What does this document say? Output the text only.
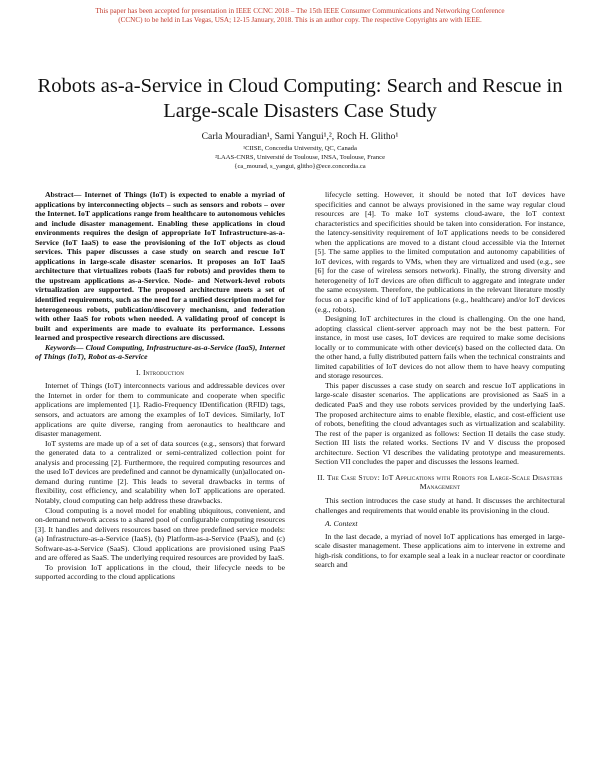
This paper has been accepted for presentation in IEEE CCNC 2018 – The 15th IEEE Consumer Communications and Networking Conference
(CCNC) to be held in Las Vegas, USA; 12-15 January, 2018. This is an author copy. The respective Copyrights are with IEEE.
Robots as-a-Service in Cloud Computing: Search and Rescue in Large-scale Disasters Case Study
Carla Mouradian¹, Sami Yangui¹,², Roch H. Glitho¹
¹CIISE, Concordia University, QC, Canada
²LAAS-CNRS, Université de Toulouse, INSA, Toulouse, France
{ca_mourad, s_yangui, glitho}@ece.concordia.ca

Abstract— Internet of Things (IoT) is expected to enable a myriad of applications by interconnecting objects – such as sensors and robots – over the Internet. IoT applications range from healthcare to autonomous vehicles and include disaster management. Enabling these applications in cloud environments requires the design of appropriate IoT Infrastructure-as-a-Service (IoT IaaS) to ease the provisioning of the IoT objects as cloud services. This paper discusses a case study on search and rescue IoT applications in large-scale disaster scenarios. It proposes an IoT IaaS architecture that virtualizes robots (IaaS for robots) and provides them to the upstream applications as-a-Service. Node- and Network-level robots virtualization are supported. The proposed architecture meets a set of identified requirements, such as the need for a unified description model for heterogeneous robots, publication/discovery mechanism, and federation with other IaaS for robots when needed. A validating proof of concept is built and experiments are made to evaluate its performance. Lessons learned and prospective research directions are discussed.

Keywords— Cloud Computing, Infrastructure-as-a-Service (IaaS), Internet of Things (IoT), Robot as-a-Service

I. Introduction

Internet of Things (IoT) interconnects various and addressable devices over the Internet in order for them to communicate and cooperate when specific applications are implemented [1]. Radio-Frequency IDentification (RFID) tags, sensors, and actuators are among the examples of IoT devices. Similarly, IoT applications are quite diverse, ranging from aeronautics to healthcare and disaster management.

IoT systems are made up of a set of data sources (e.g., sensors) that forward the generated data to a centralized or semi-centralized collection point for analysis and processing [2]. Furthermore, the required computing resources and the used IoT devices are predefined and cannot be dynamically (un)allocated on-demand during runtime [2]. This leads to several drawbacks in terms of flexibility, cost efficiency, and scalability when IoT applications are operated. Notably, cloud computing can help address these drawbacks.

Cloud computing is a novel model for enabling ubiquitous, convenient, and on-demand network access to a shared pool of configurable computing resources [3]. It handles and delivers resources based on three predefined service models: (a) Infrastructure-as-a-Service (IaaS), (b) Platform-as-a-Service (PaaS), and (c) Software-as-a-Service (SaaS). Cloud applications are provisioned using PaaS and are offered as SaaS. The underlying required resources are provided by IaaS.

To provision IoT applications in the cloud, their lifecycle needs to be supported according to the cloud applications

lifecycle setting. However, it should be noted that IoT devices have specificities and cannot be always provisioned in the same way regular cloud resources are [4]. To make IoT systems cloud-aware, the IoT context characteristics and specificities should be taken into consideration. For instance, the latency-sensitivity requirement of IoT applications needs to be considered when the applications are moved to a distant cloud accessible via the Internet [5]. The same applies to the limited computation and autonomy capabilities of IoT devices, with regards to VMs, when they are virtualized and used (e.g., see [6] for the case of wireless sensors network). Finally, the strong diversity and heterogeneity of IoT devices are often difficult to aggregate and integrate under the same ecosystem. Therefore, the publications in the relevant literature mostly focus on a specific kind of IoT applications (e.g., healthcare) and/or IoT devices (e.g., robots).

Designing IoT architectures in the cloud is challenging. On the one hand, adopting classical client-server approach may not be the best pattern. For instance, in most use cases, IoT devices are required to make some decisions locally or to communicate with other device(s) based on the collected data. On the other hand, a fully distributed pattern fails when the technical constraints and limited capabilities of IoT devices do not allow them to have heavy computing and storage resources.

This paper discusses a case study on search and rescue IoT applications in large-scale disaster scenarios. The applications are provisioned as SaaS in a dedicated PaaS and they use robots services provided by the underlying IaaS. The proposed architecture aims to enable flexible, elastic, and cost-efficient use of robots, benefiting the cloud advantages such as virtualization and scalability. The rest of the paper is organized as follows: Section II details the case study. Section III lists the related works. Sections IV and V discuss the proposed architecture. Section VI describes the validating prototype and measurements. Section VII concludes the paper and discusses the lessons learned.

II. The Case Study: IoT Applications with Robots for Large-Scale Disasters Management

This section introduces the case study at hand. It discusses the architectural challenges and requirements that would enable its provisioning in the cloud.

A. Context

In the last decade, a myriad of novel IoT applications has emerged in large-scale disaster management. These applications aim to intervene in extreme and high-risk conditions, to for example seal a leak in a nuclear reactor or coordinate search and
